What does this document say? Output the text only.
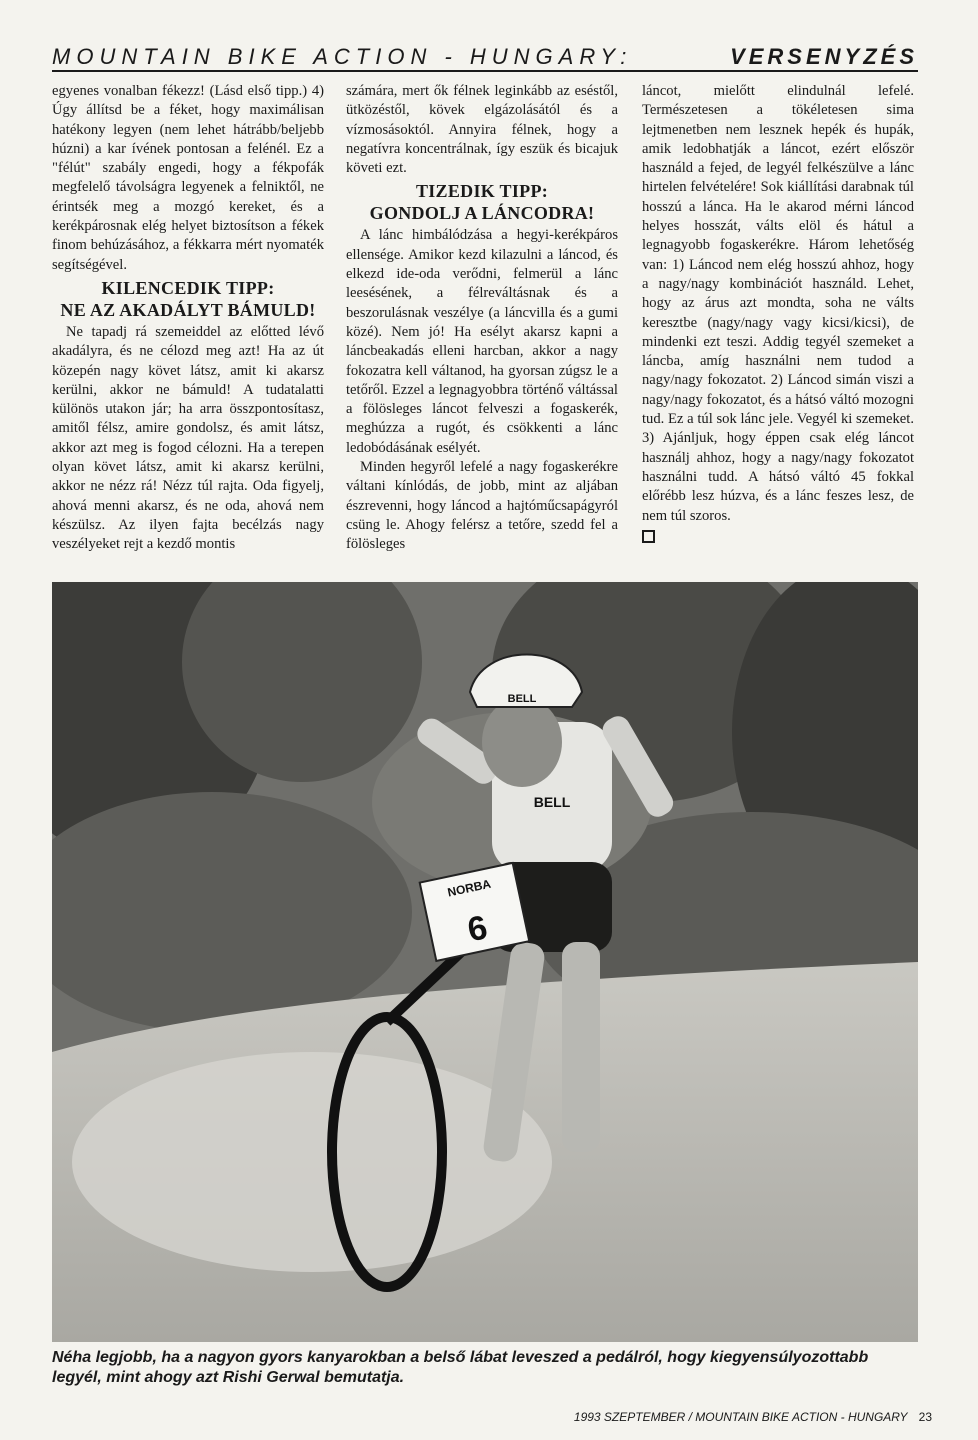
MOUNTAIN BIKE ACTION - HUNGARY:	VERSENYZÉS

egyenes vonalban fékezz! (Lásd első tipp.) 4) Úgy állítsd be a féket, hogy maximálisan hatékony legyen (nem lehet hátrább/beljebb húzni) a kar ívének pontosan a felénél. Ez a "félút" szabály engedi, hogy a fékpofák megfelelő távolságra legyenek a felniktől, ne érintsék meg a mozgó kereket, és a kerékpárosnak elég helyet biztosítson a fékek finom behúzásához, a fékkarra mért nyomaték segítségével.

KILENCEDIK TIPP:
NE AZ AKADÁLYT BÁMULD!

Ne tapadj rá szemeiddel az előtted lévő akadályra, és ne célozd meg azt! Ha az út közepén nagy követ látsz, amit ki akarsz kerülni, akkor ne bámuld! A tudatalatti különös utakon jár; ha arra összpontosítasz, amitől félsz, amire gondolsz, és amit látsz, akkor azt meg is fogod célozni. Ha a terepen olyan követ látsz, amit ki akarsz kerülni, akkor ne nézz rá! Nézz túl rajta. Oda figyelj, ahová menni akarsz, és ne oda, ahová nem készülsz. Az ilyen fajta becélzás nagy veszélyeket rejt a kezdő montis

számára, mert ők félnek leginkább az eséstől, ütközéstől, kövek elgázolásától és a vízmosásoktól. Annyira félnek, hogy a negatívra koncentrálnak, így eszük és bicajuk követi ezt.

TIZEDIK TIPP:
GONDOLJ A LÁNCODRA!

A lánc himbálódzása a hegyi-kerékpáros ellensége. Amikor kezd kilazulni a láncod, és elkezd ide-oda verődni, felmerül a lánc leesésének, a félreváltásnak és a beszorulásnak veszélye (a láncvilla és a gumi közé). Nem jó! Ha esélyt akarsz kapni a láncbeakadás elleni harcban, akkor a nagy fokozatra kell váltanod, ha gyorsan zúgsz le a tetőről. Ezzel a legnagyobbra történő váltással a fölösleges láncot felveszi a fogaskerék, meghúzza a rugót, és csökkenti a lánc ledobódásának esélyét.

Minden hegyről lefelé a nagy fogaskerékre váltani kínlódás, de jobb, mint az aljában észrevenni, hogy láncod a hajtóműcsapágyról csüng le. Ahogy felérsz a tetőre, szedd fel a fölösleges

láncot, mielőtt elindulnál lefelé. Természetesen a tökéletesen sima lejtmenetben nem lesznek hepék és hupák, amik ledobhatják a láncot, ezért először használd a fejed, de legyél felkészülve a lánc hirtelen felvételére! Sok kiállítási darabnak túl hosszú a lánca. Ha le akarod mérni láncod helyes hosszát, válts elöl és hátul a legnagyobb fogaskerékre. Három lehetőség van: 1) Láncod nem elég hosszú ahhoz, hogy a nagy/nagy kombinációt használd. Lehet, hogy az árus azt mondta, soha ne válts keresztbe (nagy/nagy vagy kicsi/kicsi), de mindenki ezt teszi. Addig tegyél szemeket a láncba, amíg használni nem tudod a nagy/nagy fokozatot. 2) Láncod simán viszi a nagy/nagy fokozatot, és a hátsó váltó mozogni tud. Ez a túl sok lánc jele. Vegyél ki szemeket. 3) Ajánljuk, hogy éppen csak elég láncot használj ahhoz, hogy a nagy/nagy fokozatot használni tudd. A hátsó váltó 45 fokkal előrébb lesz húzva, és a lánc feszes lesz, de nem túl szoros.

BELL
BELL
NORBA
6
Néha legjobb, ha a nagyon gyors kanyarokban a belső lábat leveszed a pedálról, hogy kiegyensúlyozottabb legyél, mint ahogy azt Rishi Gerwal bemutatja.
1993 SZEPTEMBER / MOUNTAIN BIKE ACTION - HUNGARY 23
